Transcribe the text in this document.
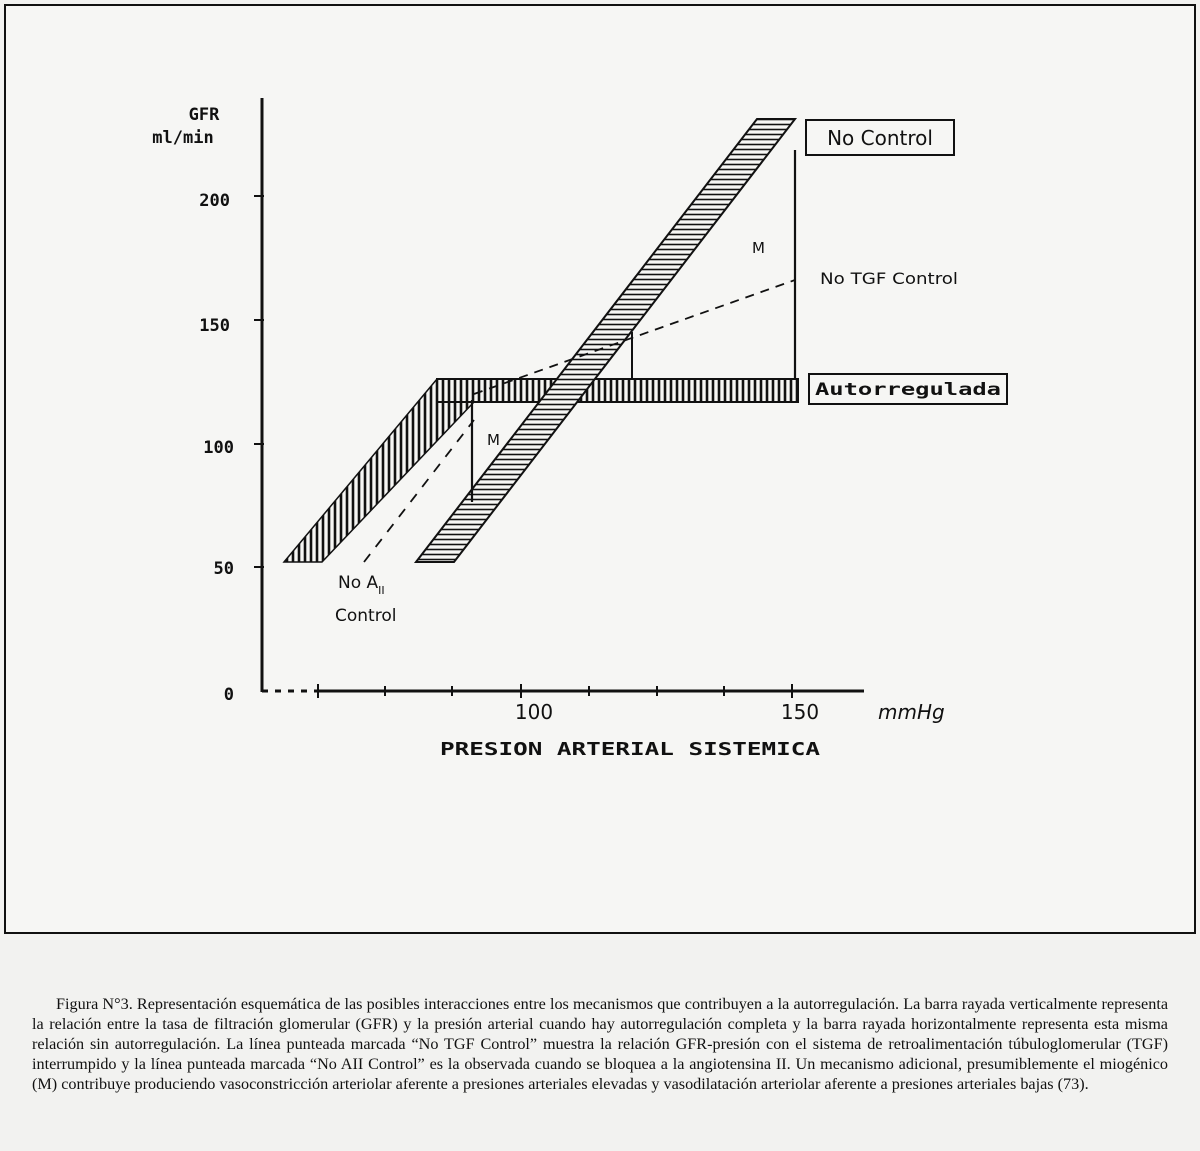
GFR
ml/min
200
150
100
50
0
100	150	mmHg
PRESION ARTERIAL SISTEMICA
M
M
No Control
No TGF Control
Autorregulada
No $A_{II}$
Control

Figura N°3. Representación esquemática de las posibles interacciones entre los mecanismos que contribuyen a la autorregulación. La barra rayada verticalmente representa la relación entre la tasa de filtración glomerular (GFR) y la presión arterial cuando hay autorregulación completa y la barra rayada horizontalmente representa esta misma relación sin autorregulación. La línea punteada marcada “No TGF Control” muestra la relación GFR-presión con el sistema de retroalimentación túbuloglomerular (TGF) interrumpido y la línea punteada marcada “No AII Control” es la observada cuando se bloquea a la angiotensina II. Un mecanismo adicional, presumiblemente el miogénico (M) contribuye produciendo vasoconstricción arteriolar aferente a presiones arteriales elevadas y vasodilatación arteriolar aferente a presiones arteriales bajas (73).
